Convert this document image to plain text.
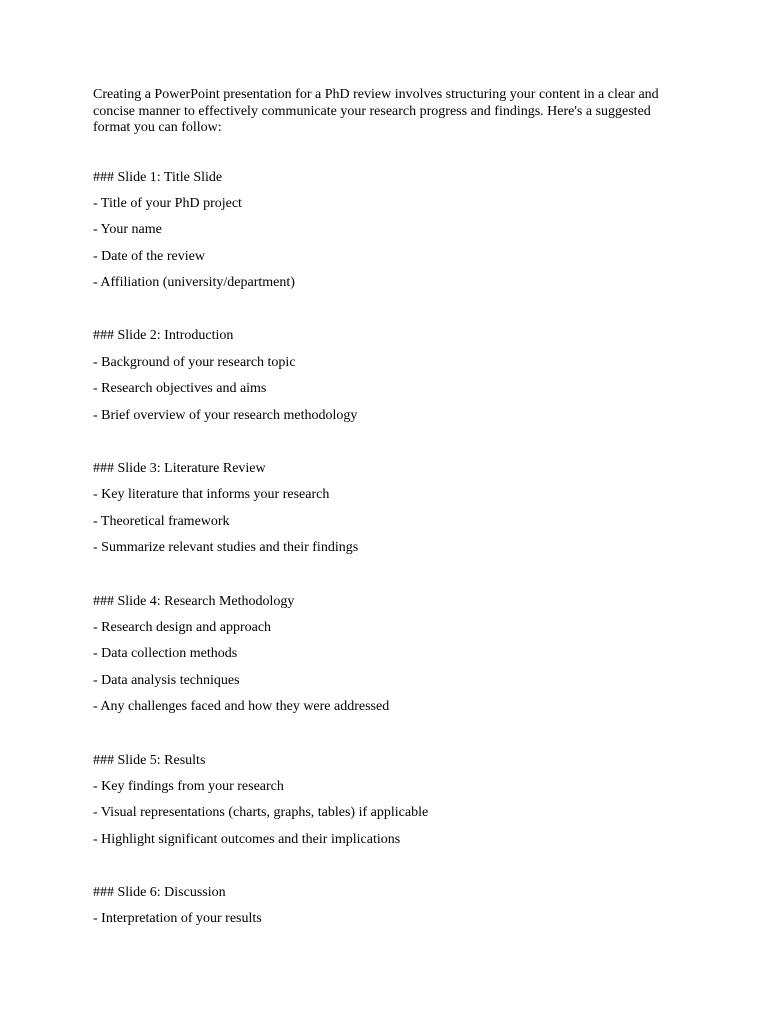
Creating a PowerPoint presentation for a PhD review involves structuring your content in a clear and concise manner to effectively communicate your research progress and findings. Here's a suggested format you can follow:

### Slide 1: Title Slide

- Title of your PhD project

- Your name

- Date of the review

- Affiliation (university/department)

### Slide 2: Introduction

- Background of your research topic

- Research objectives and aims

- Brief overview of your research methodology

### Slide 3: Literature Review

- Key literature that informs your research

- Theoretical framework

- Summarize relevant studies and their findings

### Slide 4: Research Methodology

- Research design and approach

- Data collection methods

- Data analysis techniques

- Any challenges faced and how they were addressed

### Slide 5: Results

- Key findings from your research

- Visual representations (charts, graphs, tables) if applicable

- Highlight significant outcomes and their implications

### Slide 6: Discussion

- Interpretation of your results
